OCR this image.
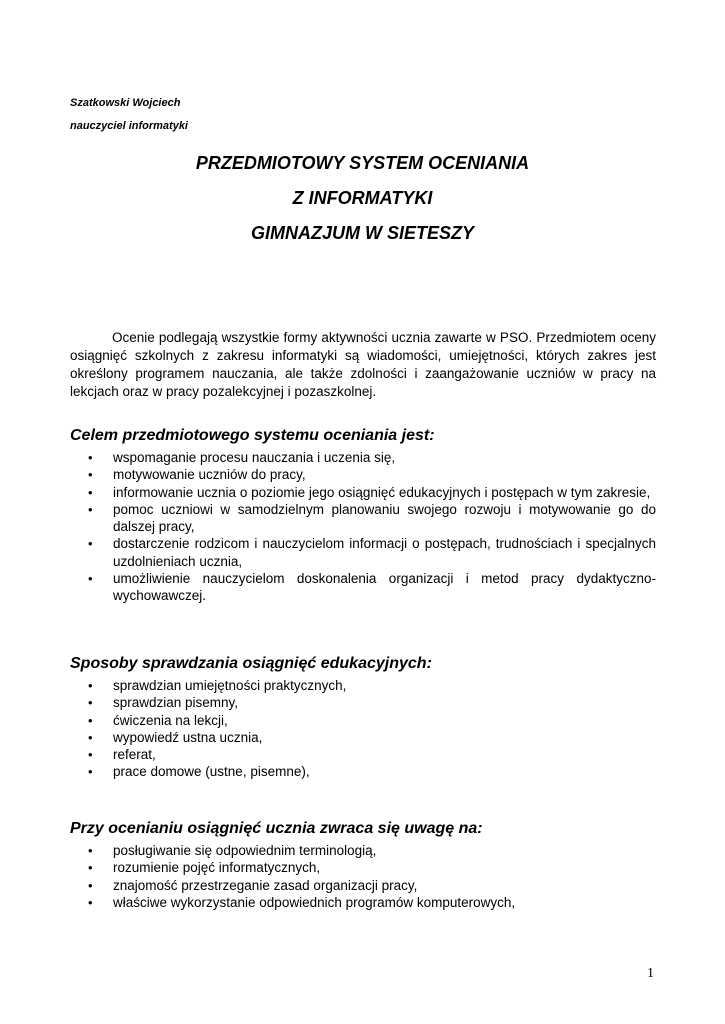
Szatkowski Wojciech
nauczyciel informatyki
PRZEDMIOTOWY SYSTEM OCENIANIA
Z INFORMATYKI
GIMNAZJUM W SIETESZY

Ocenie podlegają wszystkie formy aktywności ucznia zawarte w PSO. Przedmiotem oceny osiągnięć szkolnych z zakresu informatyki są wiadomości, umiejętności, których zakres jest określony programem nauczania, ale także zdolności i zaangażowanie uczniów w pracy na lekcjach oraz w pracy pozalekcyjnej i pozaszkolnej.

Celem przedmiotowego systemu oceniania jest:
• wspomaganie procesu nauczania i uczenia się,
• motywowanie uczniów do pracy,
• informowanie ucznia o poziomie jego osiągnięć edukacyjnych i postępach w tym zakresie,
• pomoc uczniowi w samodzielnym planowaniu swojego rozwoju i motywowanie go do dalszej pracy,
• dostarczenie rodzicom i nauczycielom informacji o postępach, trudnościach i specjalnych uzdolnieniach ucznia,
• umożliwienie nauczycielom doskonalenia organizacji i metod pracy dydaktyczno-wychowawczej.
Sposoby sprawdzania osiągnięć edukacyjnych:
• sprawdzian umiejętności praktycznych,
• sprawdzian pisemny,
• ćwiczenia na lekcji,
• wypowiedź ustna ucznia,
• referat,
• prace domowe (ustne, pisemne),
Przy ocenianiu osiągnięć ucznia zwraca się uwagę na:
• posługiwanie się odpowiednim terminologią,
• rozumienie pojęć informatycznych,
• znajomość przestrzeganie zasad organizacji pracy,
• właściwe wykorzystanie odpowiednich programów komputerowych,
1
